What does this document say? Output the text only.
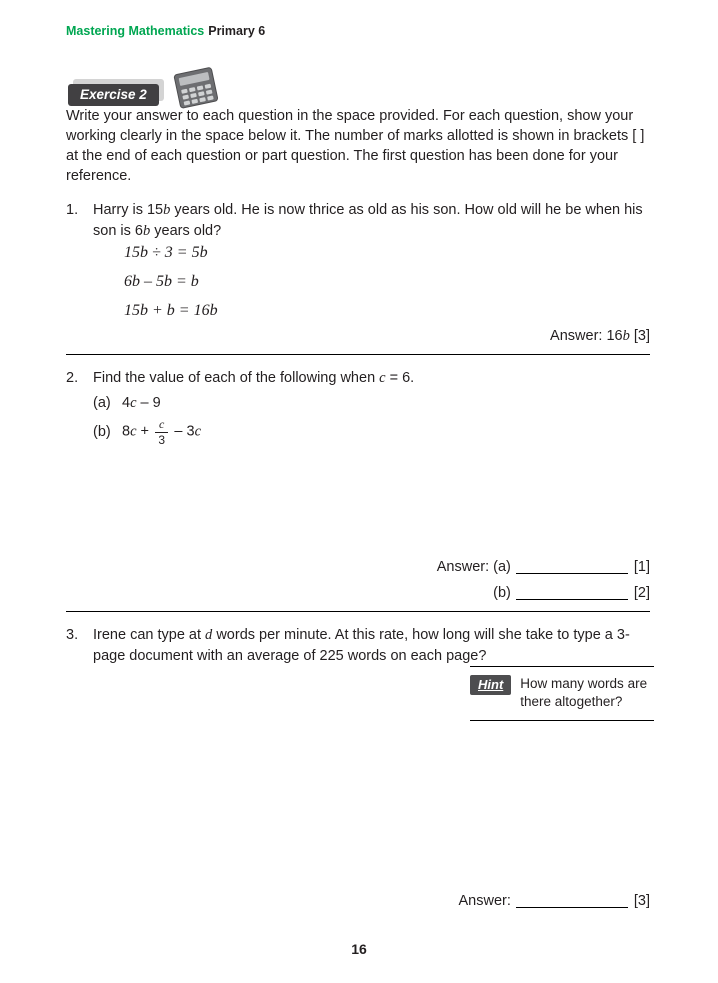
Mastering Mathematics Primary 6
Exercise 2

Write your answer to each question in the space provided. For each question, show your working clearly in the space below it. The number of marks allotted is shown in brackets [ ] at the end of each question or part question. The first question has been done for your reference.

1.	Harry is 15b years old. He is now thrice as old as his son. How old will he be when his son is 6b years old?
15b ÷ 3 = 5b
6b – 5b = b
15b + b = 16b
Answer: 16b [3]
2.	Find the value of each of the following when c = 6.
(a) 4c – 9
(b) $8c + \frac{c}{3} - 3c$
Answer: (a)	[1]
(b)	[2]
3.	Irene can type at d words per minute. At this rate, how long will she take to type a 3-page document with an average of 225 words on each page?
Hint	How many words are there altogether?
Answer:	[3]
16
